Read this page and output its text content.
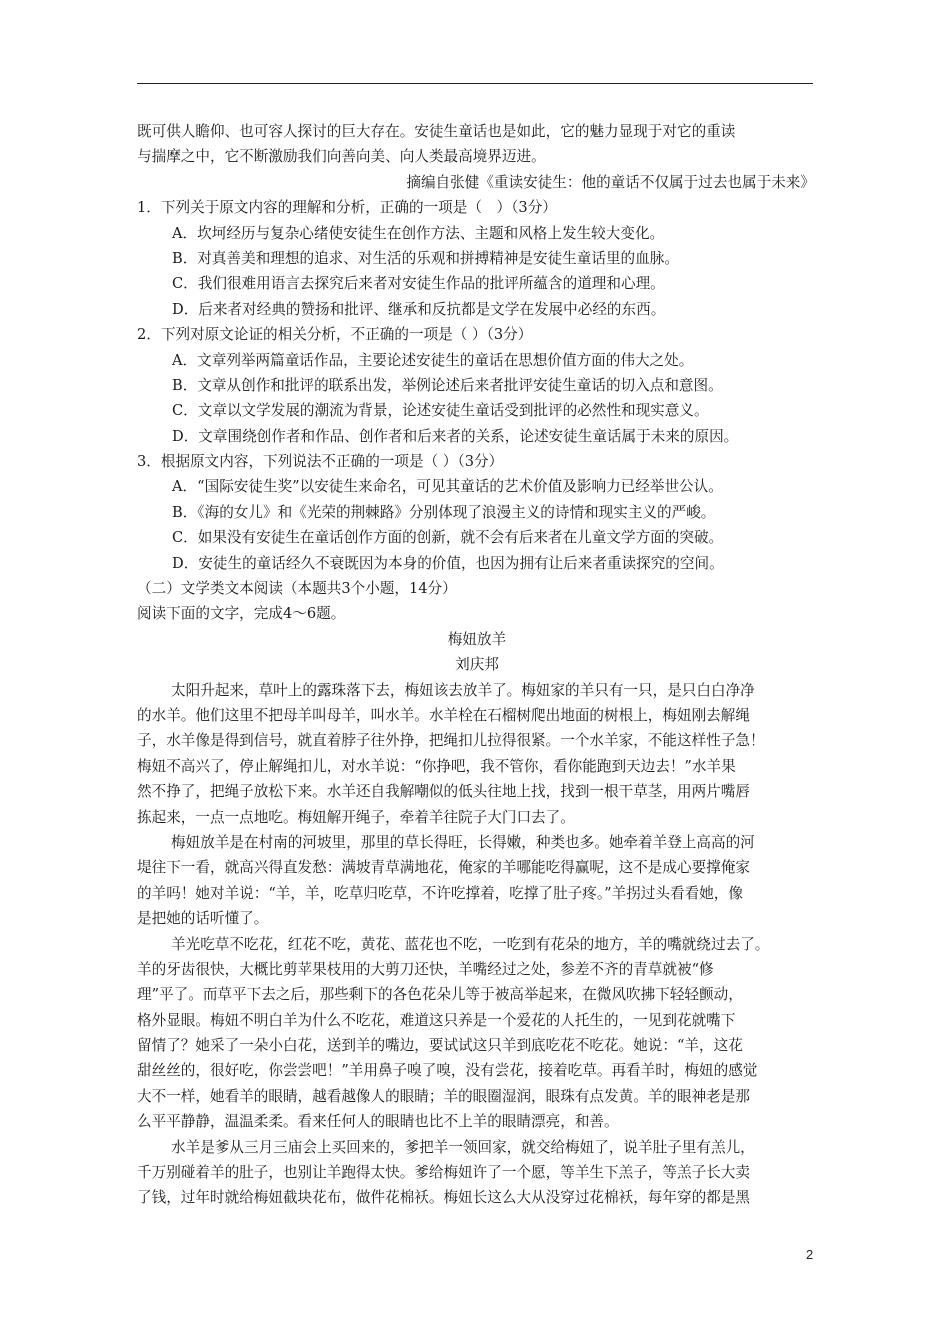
既可供人瞻仰、也可容人探讨的巨大存在。安徒生童话也是如此，它的魅力显现于对它的重读
与揣摩之中，它不断激励我们向善向美、向人类最高境界迈进。
摘编自张健《重读安徒生：他的童话不仅属于过去也属于未来》
1．下列关于原文内容的理解和分析，正确的一项是（　）（3分）
A．坎坷经历与复杂心绪使安徒生在创作方法、主题和风格上发生较大变化。
B．对真善美和理想的追求、对生活的乐观和拼搏精神是安徒生童话里的血脉。
C．我们很难用语言去探究后来者对安徒生作品的批评所蕴含的道理和心理。
D．后来者对经典的赞扬和批评、继承和反抗都是文学在发展中必经的东西。
2．下列对原文论证的相关分析，不正确的一项是（ ）（3分）
A．文章列举两篇童话作品，主要论述安徒生的童话在思想价值方面的伟大之处。
B．文章从创作和批评的联系出发，举例论述后来者批评安徒生童话的切入点和意图。
C．文章以文学发展的潮流为背景，论述安徒生童话受到批评的必然性和现实意义。
D．文章围绕创作者和作品、创作者和后来者的关系，论述安徒生童话属于未来的原因。
3．根据原文内容，下列说法不正确的一项是（ ）（3分）
A．“国际安徒生奖”以安徒生来命名，可见其童话的艺术价值及影响力已经举世公认。
B．《海的女儿》和《光荣的荆棘路》分别体现了浪漫主义的诗情和现实主义的严峻。
C．如果没有安徒生在童话创作方面的创新，就不会有后来者在儿童文学方面的突破。
D．安徒生的童话经久不衰既因为本身的价值，也因为拥有让后来者重读探究的空间。
（二）文学类文本阅读（本题共3个小题，14分）
阅读下面的文字，完成4～6题。
梅妞放羊
刘庆邦
太阳升起来，草叶上的露珠落下去，梅妞该去放羊了。梅妞家的羊只有一只，是只白白净净
的水羊。他们这里不把母羊叫母羊，叫水羊。水羊栓在石榴树爬出地面的树根上，梅妞刚去解绳
子，水羊像是得到信号，就直着脖子往外挣，把绳扣儿拉得很紧。一个水羊家，不能这样性子急！
梅妞不高兴了，停止解绳扣儿，对水羊说：“你挣吧，我不管你，看你能跑到天边去！”水羊果
然不挣了，把绳子放松下来。水羊还自我解嘲似的低头往地上找，找到一根干草茎，用两片嘴唇
拣起来，一点一点地吃。梅妞解开绳子，牵着羊往院子大门口去了。
梅妞放羊是在村南的河坡里，那里的草长得旺，长得嫩，种类也多。她牵着羊登上高高的河
堤往下一看，就高兴得直发愁：满坡青草满地花，俺家的羊哪能吃得赢呢，这不是成心要撑俺家
的羊吗！她对羊说：“羊，羊，吃草归吃草，不许吃撑着，吃撑了肚子疼。”羊拐过头看看她，像
是把她的话听懂了。
羊光吃草不吃花，红花不吃，黄花、蓝花也不吃，一吃到有花朵的地方，羊的嘴就绕过去了。
羊的牙齿很快，大概比剪苹果枝用的大剪刀还快，羊嘴经过之处，参差不齐的青草就被“修
理”平了。而草平下去之后，那些剩下的各色花朵儿等于被高举起来，在微风吹拂下轻轻颤动，
格外显眼。梅妞不明白羊为什么不吃花，难道这只养是一个爱花的人托生的，一见到花就嘴下
留情了？她采了一朵小白花，送到羊的嘴边，要试试这只羊到底吃花不吃花。她说：“羊，这花
甜丝丝的，很好吃，你尝尝吧！”羊用鼻子嗅了嗅，没有尝花，接着吃草。再看羊时，梅妞的感觉
大不一样，她看羊的眼睛，越看越像人的眼睛；羊的眼圈湿润，眼珠有点发黄。羊的眼神老是那
么平平静静，温温柔柔。看来任何人的眼睛也比不上羊的眼睛漂亮，和善。
水羊是爹从三月三庙会上买回来的，爹把羊一领回家，就交给梅妞了，说羊肚子里有羔儿，
千万别碰着羊的肚子，也别让羊跑得太快。爹给梅妞许了一个愿，等羊生下羔子，等羔子长大卖
了钱，过年时就给梅妞截块花布，做件花棉袄。梅妞长这么大从没穿过花棉袄，每年穿的都是黑
2
